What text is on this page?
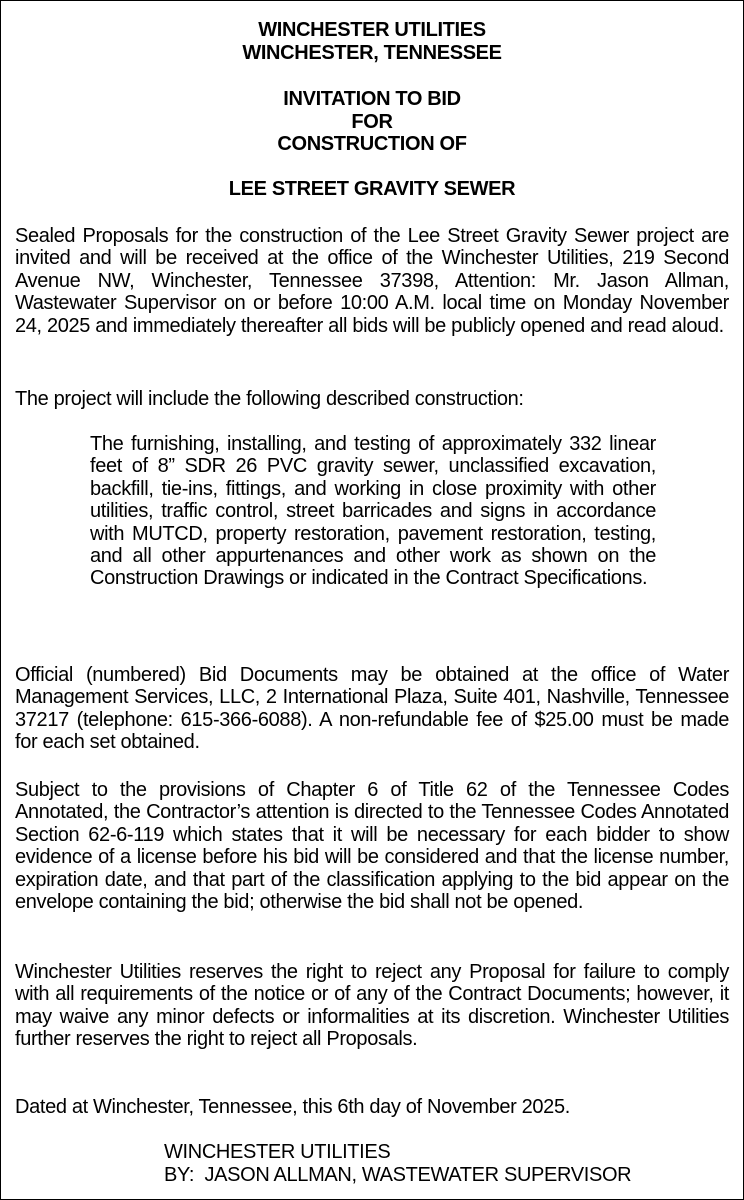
WINCHESTER UTILITIES
WINCHESTER, TENNESSEE
INVITATION TO BID
FOR
CONSTRUCTION OF
LEE STREET GRAVITY SEWER
Sealed Proposals for the construction of the Lee Street Gravity Sewer project are invited and will be received at the office of the Winchester Utilities, 219 Second Avenue NW, Winchester, Tennessee 37398, Attention: Mr. Jason Allman, Wastewater Supervisor on or before 10:00 A.M. local time on Monday November 24, 2025 and immediately thereafter all bids will be publicly opened and read aloud.
The project will include the following described construction:
The furnishing, installing, and testing of approximately 332 linear feet of 8” SDR 26 PVC gravity sewer, unclassified excavation, backfill, tie-ins, fittings, and working in close proximity with other utilities, traffic control, street barricades and signs in accordance with MUTCD, property restoration, pavement restoration, testing, and all other appurtenances and other work as shown on the Construction Drawings or indicated in the Contract Specifications.
Official (numbered) Bid Documents may be obtained at the office of Water Management Services, LLC, 2 International Plaza, Suite 401, Nashville, Tennessee 37217 (telephone: 615-366-6088). A non-refundable fee of $25.00 must be made for each set obtained.
Subject to the provisions of Chapter 6 of Title 62 of the Tennessee Codes Annotated, the Contractor’s attention is directed to the Tennessee Codes Annotated Section 62-6-119 which states that it will be necessary for each bidder to show evidence of a license before his bid will be considered and that the license number, expiration date, and that part of the classification applying to the bid appear on the envelope containing the bid; otherwise the bid shall not be opened.
Winchester Utilities reserves the right to reject any Proposal for failure to comply with all requirements of the notice or of any of the Contract Documents; however, it may waive any minor defects or informalities at its discretion. Winchester Utilities further reserves the right to reject all Proposals.
Dated at Winchester, Tennessee, this 6th day of November 2025.
WINCHESTER UTILITIES
BY: JASON ALLMAN, WASTEWATER SUPERVISOR
